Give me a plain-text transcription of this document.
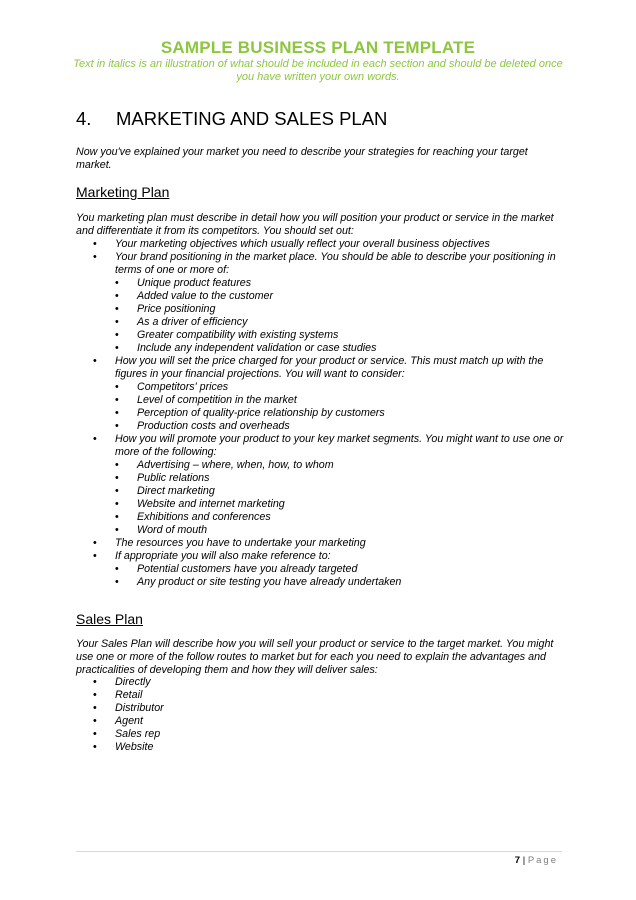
SAMPLE BUSINESS PLAN TEMPLATE
Text in italics is an illustration of what should be included in each section and should be deleted once you have written your own words.
4. MARKETING AND SALES PLAN
Now you've explained your market you need to describe your strategies for reaching your target market.
Marketing Plan
You marketing plan must describe in detail how you will position your product or service in the market and differentiate it from its competitors. You should set out:
• Your marketing objectives which usually reflect your overall business objectives
• Your brand positioning in the market place. You should be able to describe your positioning in terms of one or more of:
• Unique product features
• Added value to the customer
• Price positioning
• As a driver of efficiency
• Greater compatibility with existing systems
• Include any independent validation or case studies
• How you will set the price charged for your product or service. This must match up with the figures in your financial projections. You will want to consider:
• Competitors' prices
• Level of competition in the market
• Perception of quality-price relationship by customers
• Production costs and overheads
• How you will promote your product to your key market segments. You might want to use one or more of the following:
• Advertising – where, when, how, to whom
• Public relations
• Direct marketing
• Website and internet marketing
• Exhibitions and conferences
• Word of mouth
• The resources you have to undertake your marketing
• If appropriate you will also make reference to:
• Potential customers have you already targeted
• Any product or site testing you have already undertaken
Sales Plan
Your Sales Plan will describe how you will sell your product or service to the target market. You might use one or more of the follow routes to market but for each you need to explain the advantages and practicalities of developing them and how they will deliver sales:
• Directly
• Retail
• Distributor
• Agent
• Sales rep
• Website
7 | Page
